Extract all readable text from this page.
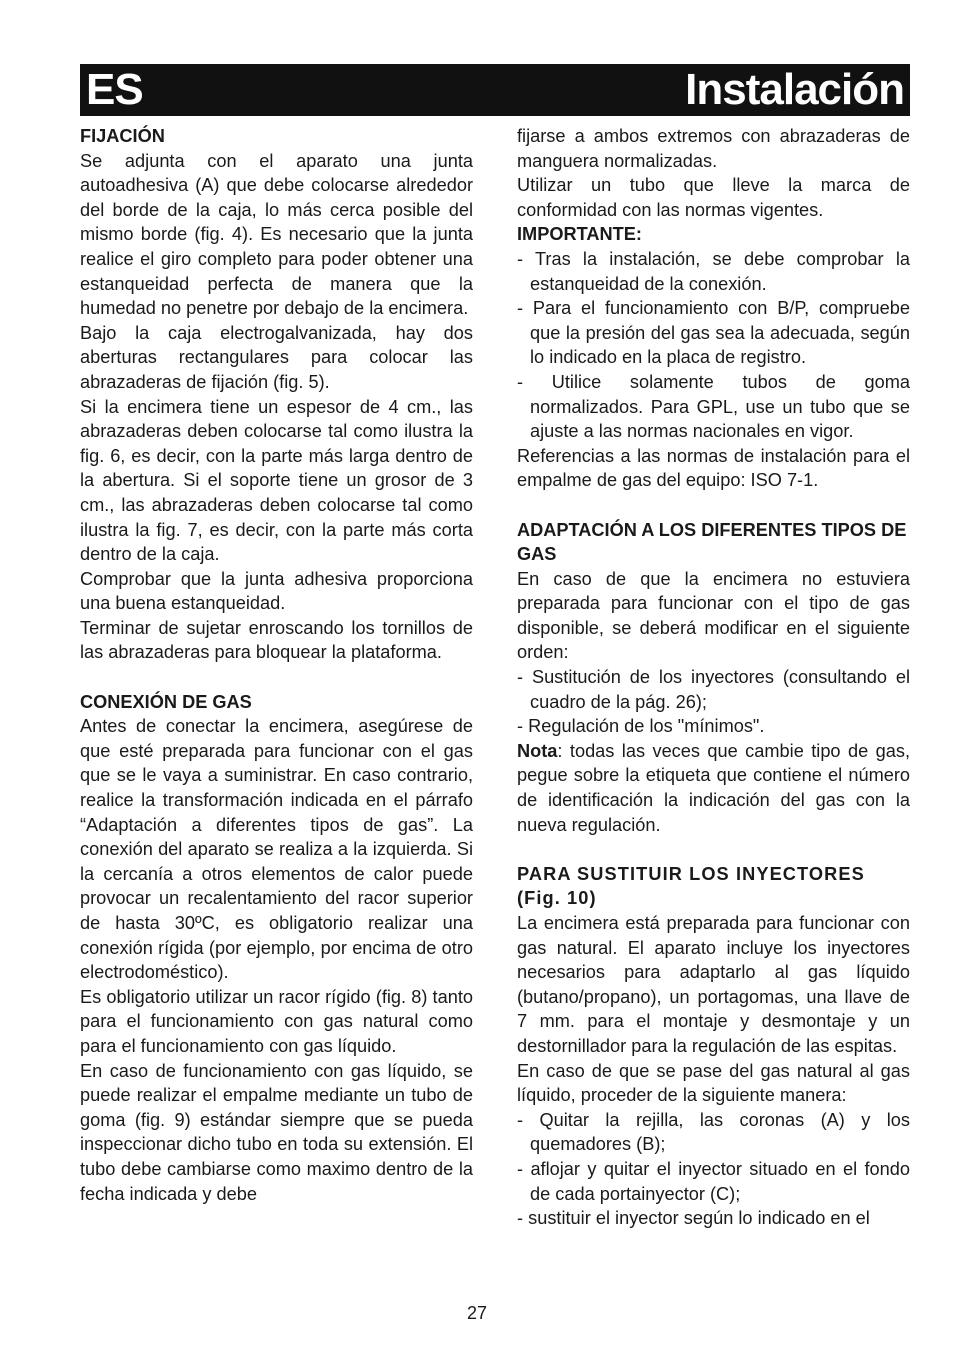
ES	Instalación
FIJACIÓN
Se adjunta con el aparato una junta autoadhesiva (A) que debe colocarse alrededor del borde de la caja, lo más cerca posible del mismo borde (fig. 4). Es necesario que la junta realice el giro completo para poder obtener una estanqueidad perfecta de manera que la humedad no penetre por debajo de la encimera.
Bajo la caja electrogalvanizada, hay dos aberturas rectangulares para colocar las abrazaderas de fijación (fig. 5).
Si la encimera tiene un espesor de 4 cm., las abrazaderas deben colocarse tal como ilustra la fig. 6, es decir, con la parte más larga dentro de la abertura. Si el soporte tiene un grosor de 3 cm., las abrazaderas deben colocarse tal como ilustra la fig. 7, es decir, con la parte más corta dentro de la caja.
Comprobar que la junta adhesiva proporciona una buena estanqueidad.
Terminar de sujetar enroscando los tornillos de las abrazaderas para bloquear la plataforma.
CONEXIÓN DE GAS
Antes de conectar la encimera, asegúrese de que esté preparada para funcionar con el gas que se le vaya a suministrar. En caso contrario, realice la transformación indicada en el párrafo “Adaptación a diferentes tipos de gas”. La conexión del aparato se realiza a la izquierda. Si la cercanía a otros elementos de calor puede provocar un recalentamiento del racor superior de hasta 30ºC, es obligatorio realizar una conexión rígida (por ejemplo, por encima de otro electrodoméstico).
Es obligatorio utilizar un racor rígido (fig. 8) tanto para el funcionamiento con gas natural como para el funcionamiento con gas líquido.
En caso de funcionamiento con gas líquido, se puede realizar el empalme mediante un tubo de goma (fig. 9) estándar siempre que se pueda inspeccionar dicho tubo en toda su extensión. El tubo debe cambiarse como maximo dentro de la fecha indicada y debe
fijarse a ambos extremos con abrazaderas de manguera normalizadas.
Utilizar un tubo que lleve la marca de conformidad con las normas vigentes.
IMPORTANTE:
- Tras la instalación, se debe comprobar la estanqueidad de la conexión.
- Para el funcionamiento con B/P, compruebe que la presión del gas sea la adecuada, según lo indicado en la placa de registro.
- Utilice solamente tubos de goma normalizados. Para GPL, use un tubo que se ajuste a las normas nacionales en vigor.
Referencias a las normas de instalación para el empalme de gas del equipo: ISO 7-1.
ADAPTACIÓN A LOS DIFERENTES TIPOS DE GAS
En caso de que la encimera no estuviera preparada para funcionar con el tipo de gas disponible, se deberá modificar en el siguiente orden:
- Sustitución de los inyectores (consultando el cuadro de la pág. 26);
- Regulación de los "mínimos".
Nota: todas las veces que cambie tipo de gas, pegue sobre la etiqueta que contiene el número de identificación la indicación del gas con la nueva regulación.
PARA SUSTITUIR LOS INYECTORES (Fig. 10)
La encimera está preparada para funcionar con gas natural. El aparato incluye los inyectores necesarios para adaptarlo al gas líquido (butano/propano), un portagomas, una llave de 7 mm. para el montaje y desmontaje y un destornillador para la regulación de las espitas.
En caso de que se pase del gas natural al gas líquido, proceder de la siguiente manera:
- Quitar la rejilla, las coronas (A) y los quemadores (B);
- aflojar y quitar el inyector situado en el fondo de cada portainyector (C);
- sustituir el inyector según lo indicado en el
27
